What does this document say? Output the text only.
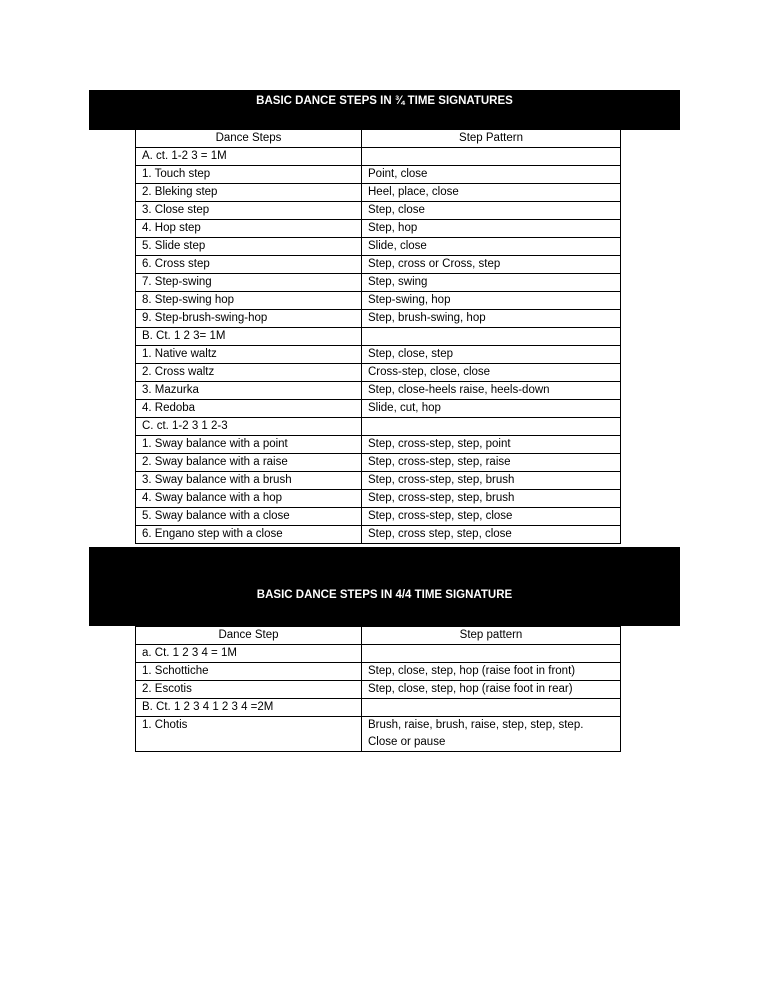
BASIC DANCE STEPS IN ¾ TIME SIGNATURES
Dance Steps	Step Pattern
A. ct. 1-2 3 = 1M	
1. Touch step	Point, close
2. Bleking step	Heel, place, close
3. Close step	Step, close
4. Hop step	Step, hop
5. Slide step	Slide, close
6. Cross step	Step, cross or Cross, step
7. Step-swing	Step, swing
8. Step-swing hop	Step-swing, hop
9. Step-brush-swing-hop	Step, brush-swing, hop
B. Ct. 1 2 3= 1M	
1. Native waltz	Step, close, step
2. Cross waltz	Cross-step, close, close
3. Mazurka	Step, close-heels raise, heels-down
4. Redoba	Slide, cut, hop
C. ct. 1-2 3 1 2-3	
1. Sway balance with a point	Step, cross-step, step, point
2. Sway balance with a raise	Step, cross-step, step, raise
3. Sway balance with a brush	Step, cross-step, step, brush
4. Sway balance with a hop	Step, cross-step, step, brush
5. Sway balance with a close	Step, cross-step, step, close
6. Engano step with a close	Step, cross step, step, close
BASIC DANCE STEPS IN 4/4 TIME SIGNATURE
Dance Step	Step pattern
a. Ct. 1 2 3 4 = 1M	
1. Schottiche	Step, close, step, hop (raise foot in front)
2. Escotis	Step, close, step, hop (raise foot in rear)
B. Ct. 1 2 3 4 1 2 3 4 =2M	
1. Chotis	Brush, raise, brush, raise, step, step, step. Close or pause
